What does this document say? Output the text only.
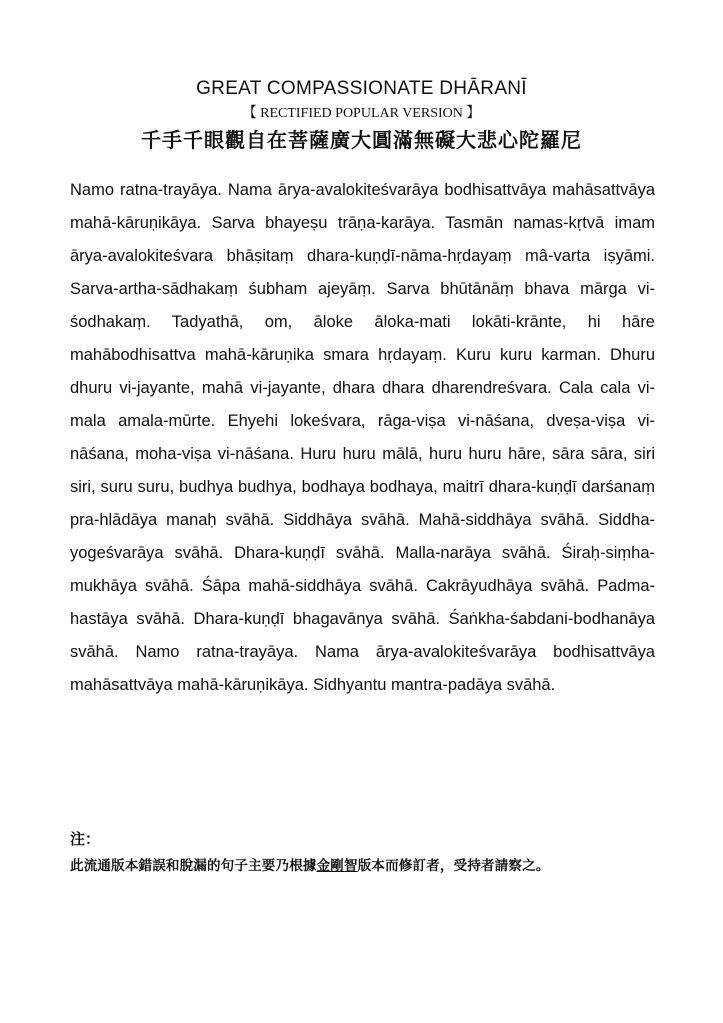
GREAT COMPASSIONATE DHĀRANĪ
【 RECTIFIED POPULAR VERSION 】
千手千眼觀自在菩薩廣大圓滿無礙大悲心陀羅尼

Namo ratna-trayāya. Nama ārya-avalokiteśvarāya bodhisattvāya mahāsattvāya mahā-kāruṇikāya. Sarva bhayeṣu trāṇa-karāya. Tasmān namas-kṛtvā imam ārya-avalokiteśvara bhāṣitaṃ dhara-kuṇḍī-nāma-hṛdayaṃ mâ-varta iṣyāmi. Sarva-artha-sādhakaṃ śubham ajeyāṃ. Sarva bhūtānāṃ bhava mārga vi-śodhakaṃ. Tadyathā, om, āloke āloka-mati lokāti-krānte, hi hāre mahābodhisattva mahā-kāruṇika smara hṛdayaṃ. Kuru kuru karman. Dhuru dhuru vi-jayante, mahā vi-jayante, dhara dhara dharendreśvara. Cala cala vi-mala amala-mūrte. Ehyehi lokeśvara, rāga-viṣa vi-nāśana, dveṣa-viṣa vi-nāśana, moha-viṣa vi-nāśana. Huru huru mālā, huru huru hāre, sāra sāra, siri siri, suru suru, budhya budhya, bodhaya bodhaya, maitrī dhara-kuṇḍī darśanaṃ pra-hlādāya manaḥ svāhā. Siddhāya svāhā. Mahā-siddhāya svāhā. Siddha-yogeśvarāya svāhā. Dhara-kuṇḍī svāhā. Malla-narāya svāhā. Śiraḥ-siṃha-mukhāya svāhā. Śāpa mahā-siddhāya svāhā. Cakrāyudhāya svāhā. Padma-hastāya svāhā. Dhara-kuṇḍī bhagavānya svāhā. Śaṅkha-śabdani-bodhanāya svāhā. Namo ratna-trayāya. Nama ārya-avalokiteśvarāya bodhisattvāya mahāsattvāya mahā-kāruṇikāya. Sidhyantu mantra-padāya svāhā.

注：
此流通版本錯誤和脫漏的句子主要乃根據金剛智版本而修訂者，受持者請察之。
